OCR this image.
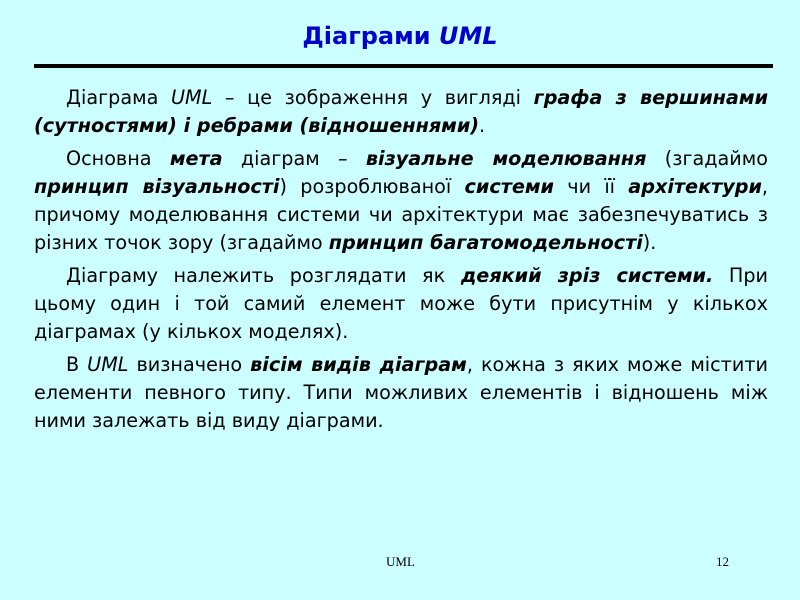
Діаграми UML

Діаграма UML – це зображення у вигляді графа з вершинами (сутностями) і ребрами (відношеннями).

Основна мета діаграм – візуальне моделювання (згадаймо принцип візуальності) розроблюваної системи чи її архітектури, причому моделювання системи чи архітектури має забезпечуватись з різних точок зору (згадаймо принцип багатомодельності).

Діаграму належить розглядати як деякий зріз системи. При цьому один і той самий елемент може бути присутнім у кількох діаграмах (у кількох моделях).

В UML визначено вісім видів діаграм, кожна з яких може містити елементи певного типу. Типи можливих елементів і відношень між ними залежать від виду діаграми.

UML	12
